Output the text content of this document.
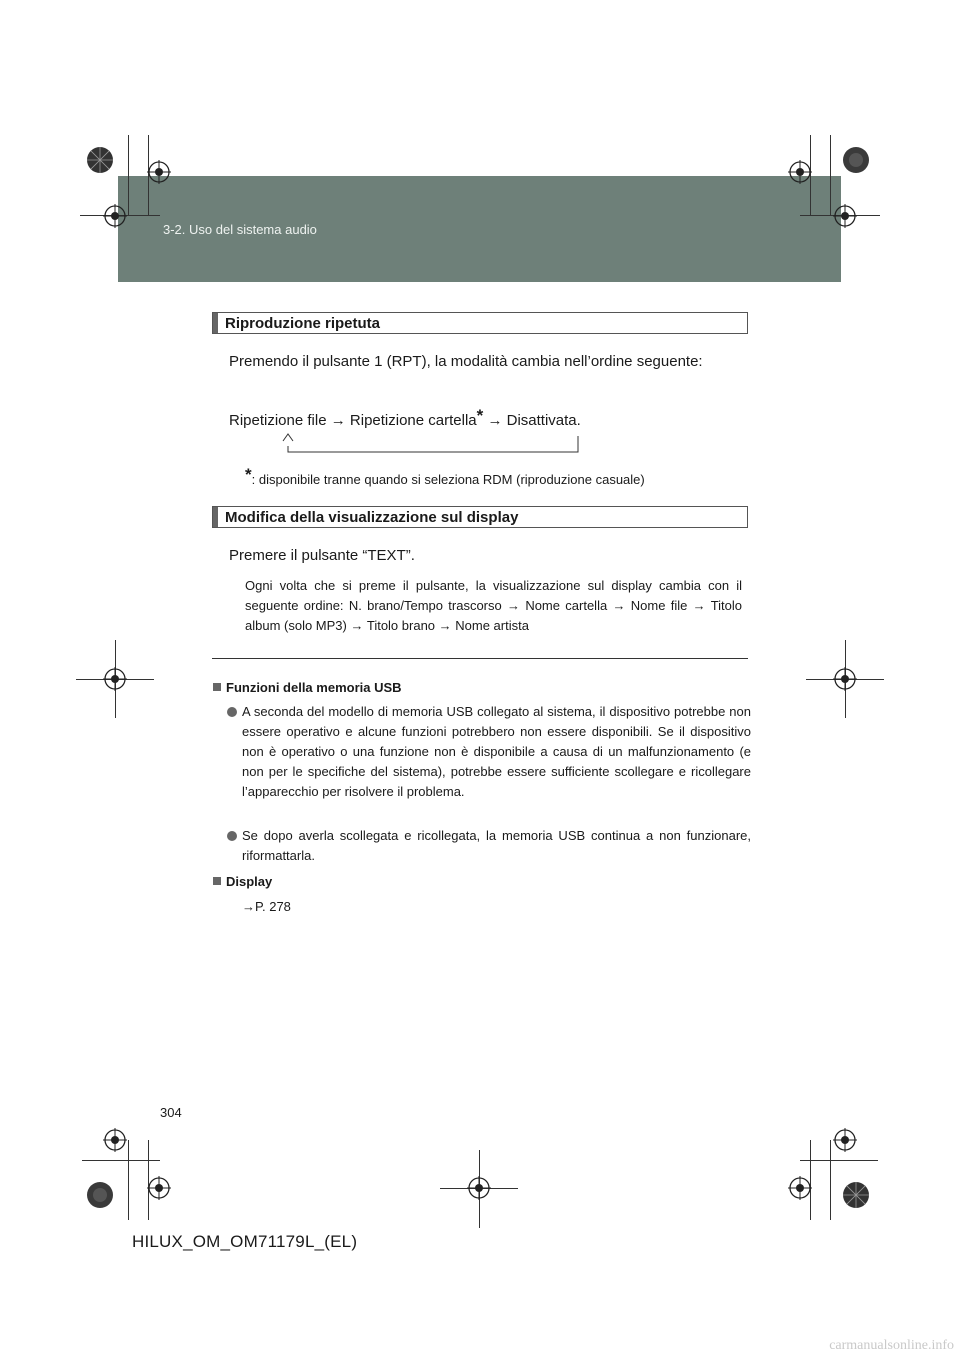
3-2. Uso del sistema audio
HILUX_OM_OM71179L_(EL).book Page 304 Wednesday, May 16, 2012 11:37 AM
Riproduzione ripetuta
Premendo il pulsante 1 (RPT), la modalità cambia nell’ordine seguente:
Ripetizione file → Ripetizione cartella* → Disattivata.
*: disponibile tranne quando si seleziona RDM (riproduzione casuale)
Modifica della visualizzazione sul display
Premere il pulsante “TEXT”.
Ogni volta che si preme il pulsante, la visualizzazione sul display cambia con il seguente ordine: N. brano/Tempo trascorso → Nome cartella → Nome file → Titolo album (solo MP3) → Titolo brano → Nome artista
Funzioni della memoria USB
A seconda del modello di memoria USB collegato al sistema, il dispositivo potrebbe non essere operativo e alcune funzioni potrebbero non essere disponibili. Se il dispositivo non è operativo o una funzione non è disponibile a causa di un malfunzionamento (e non per le specifiche del sistema), potrebbe essere sufficiente scollegare e ricollegare l’apparecchio per risolvere il problema.
Se dopo averla scollegata e ricollegata, la memoria USB continua a non funzionare, riformattarla.
Display
→P. 278
304
HILUX_OM_OM71179L_(EL)
carmanualsonline.info
